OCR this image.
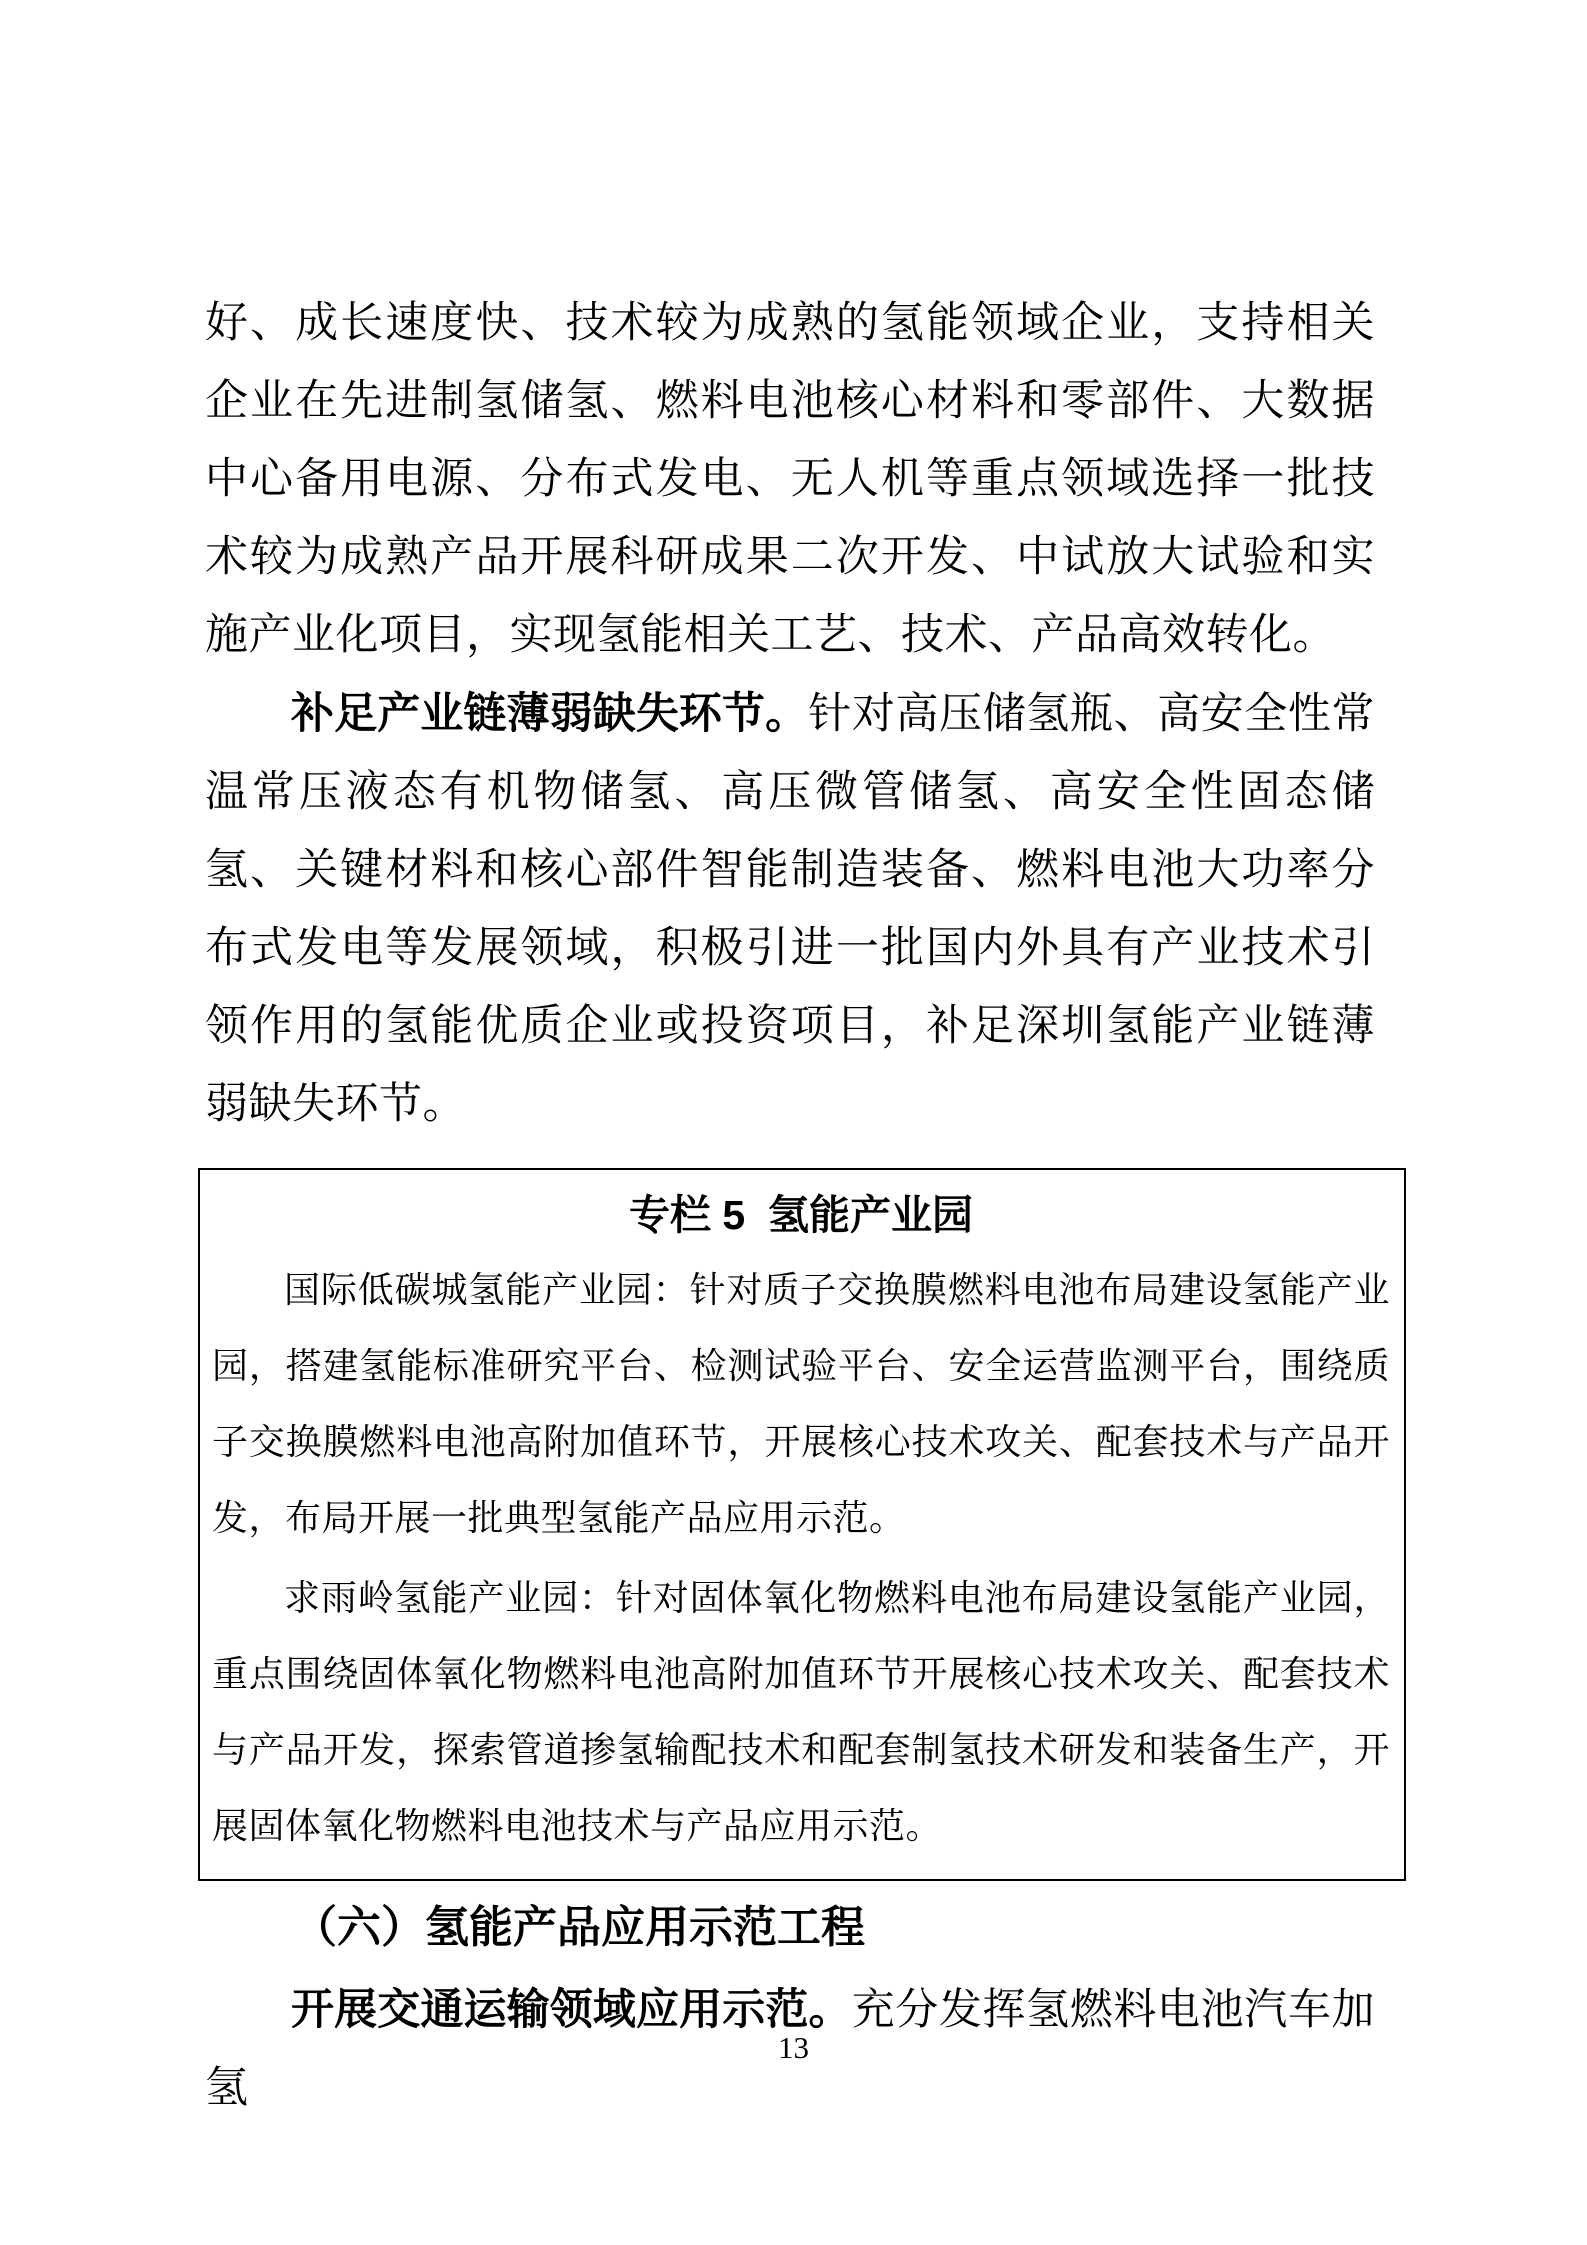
好、成长速度快、技术较为成熟的氢能领域企业，支持相关企业在先进制氢储氢、燃料电池核心材料和零部件、大数据中心备用电源、分布式发电、无人机等重点领域选择一批技术较为成熟产品开展科研成果二次开发、中试放大试验和实施产业化项目，实现氢能相关工艺、技术、产品高效转化。

补足产业链薄弱缺失环节。针对高压储氢瓶、高安全性常温常压液态有机物储氢、高压微管储氢、高安全性固态储氢、关键材料和核心部件智能制造装备、燃料电池大功率分布式发电等发展领域，积极引进一批国内外具有产业技术引领作用的氢能优质企业或投资项目，补足深圳氢能产业链薄弱缺失环节。

专栏 5  氢能产业园

国际低碳城氢能产业园：针对质子交换膜燃料电池布局建设氢能产业园，搭建氢能标准研究平台、检测试验平台、安全运营监测平台，围绕质子交换膜燃料电池高附加值环节，开展核心技术攻关、配套技术与产品开发，布局开展一批典型氢能产品应用示范。

求雨岭氢能产业园：针对固体氧化物燃料电池布局建设氢能产业园，重点围绕固体氧化物燃料电池高附加值环节开展核心技术攻关、配套技术与产品开发，探索管道掺氢输配技术和配套制氢技术研发和装备生产，开展固体氧化物燃料电池技术与产品应用示范。

（六）氢能产品应用示范工程

开展交通运输领域应用示范。充分发挥氢燃料电池汽车加氢

13
